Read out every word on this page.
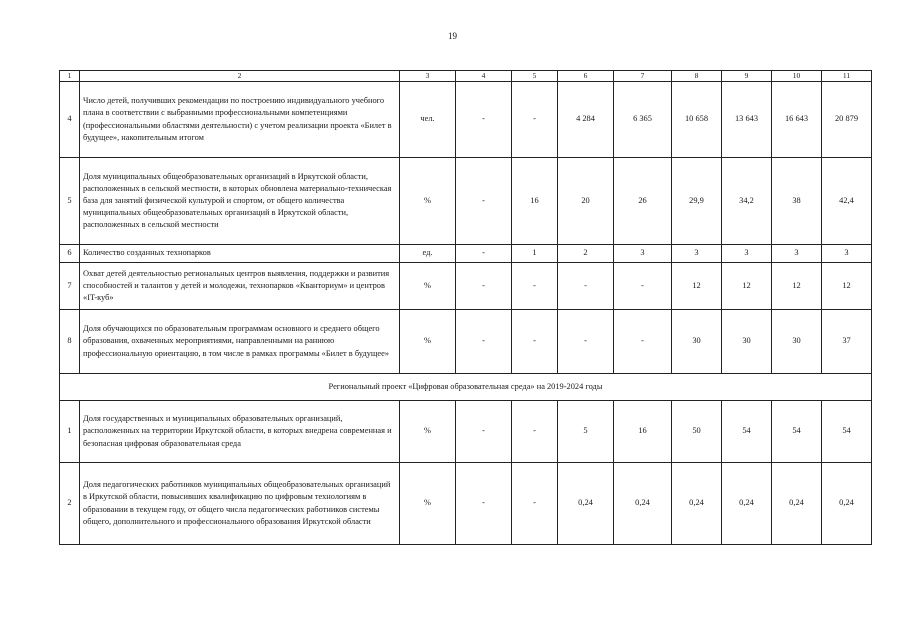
19
1	2	3	4	5	6	7	8	9	10	11
4	Число детей, получивших рекомендации по построению индивидуального учебного плана в соответствии с выбранными профессиональными компетенциями (профессиональными областями деятельности) с учетом реализации проекта «Билет в будущее», накопительным итогом	чел.	-	-	4 284	6 365	10 658	13 643	16 643	20 879
5	Доля муниципальных общеобразовательных организаций в Иркутской области, расположенных в сельской местности, в которых обновлена материально-техническая база для занятий физической культурой и спортом, от общего количества муниципальных общеобразовательных организаций в Иркутской области, расположенных в сельской местности	%	-	16	20	26	29,9	34,2	38	42,4
6	Количество созданных технопарков	ед.	-	1	2	3	3	3	3	3
7	Охват детей деятельностью региональных центров выявления, поддержки и развития способностей и талантов у детей и молодежи, технопарков «Кванториум» и центров «IT-куб»	%	-	-	-	-	12	12	12	12
8	Доля обучающихся по образовательным программам основного и среднего общего образования, охваченных мероприятиями, направленными на раннюю профессиональную ориентацию, в том числе в рамках программы «Билет в будущее»	%	-	-	-	-	30	30	30	37
Региональный проект «Цифровая образовательная среда» на 2019-2024 годы										
1	Доля государственных и муниципальных образовательных организаций, расположенных на территории Иркутской области, в которых внедрена современная и безопасная цифровая образовательная среда	%	-	-	5	16	50	54	54	54
2	Доля педагогических работников муниципальных общеобразовательных организаций в Иркутской области, повысивших квалификацию по цифровым технологиям в образовании в текущем году, от общего числа педагогических работников системы общего, дополнительного и профессионального образования Иркутской области	%	-	-	0,24	0,24	0,24	0,24	0,24	0,24
